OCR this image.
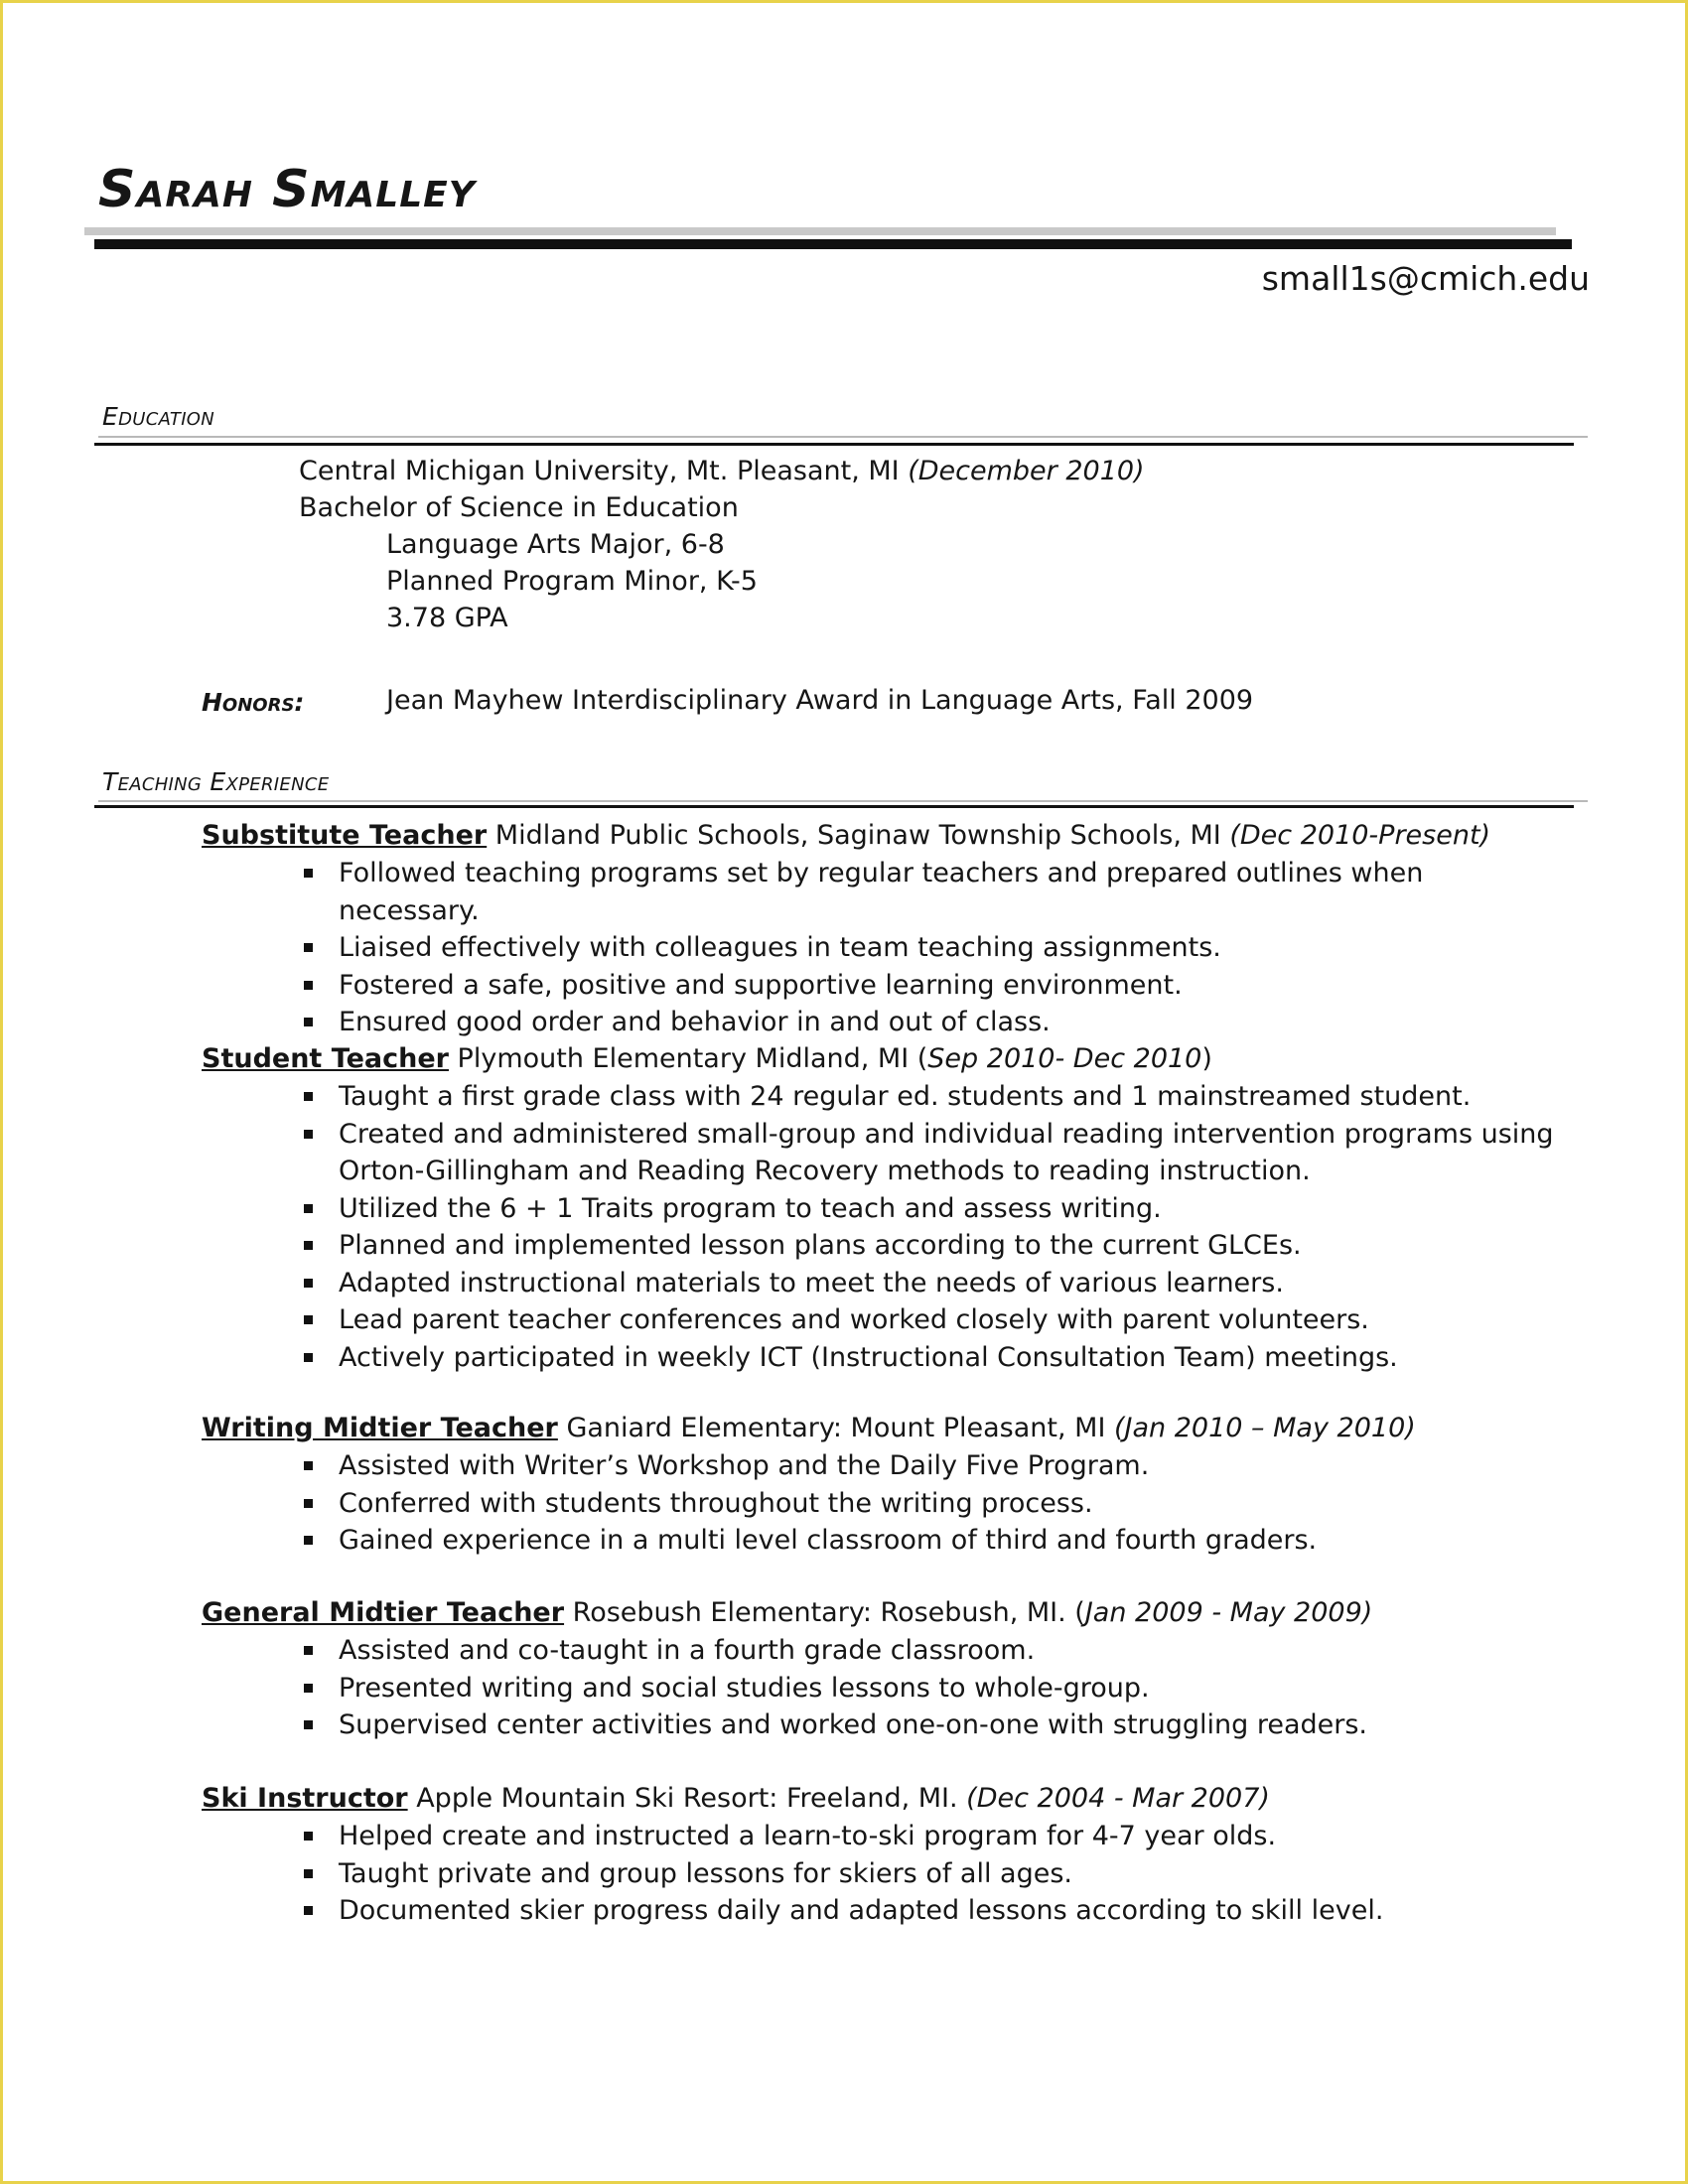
Sarah Smalley
small1s@cmich.edu
Education
Central Michigan University, Mt. Pleasant, MI (December 2010)
Bachelor of Science in Education
Language Arts Major, 6-8
Planned Program Minor, K-5
3.78 GPA
Honors:	Jean Mayhew Interdisciplinary Award in Language Arts, Fall 2009
Teaching Experience
Substitute Teacher Midland Public Schools, Saginaw Township Schools, MI (Dec 2010-Present)
Followed teaching programs set by regular teachers and prepared outlines when necessary.
Liaised effectively with colleagues in team teaching assignments.
Fostered a safe, positive and supportive learning environment.
Ensured good order and behavior in and out of class.
Student Teacher Plymouth Elementary Midland, MI (Sep 2010- Dec 2010)
Taught a first grade class with 24 regular ed. students and 1 mainstreamed student.
Created and administered small-group and individual reading intervention programs using Orton-Gillingham and Reading Recovery methods to reading instruction.
Utilized the 6 + 1 Traits program to teach and assess writing.
Planned and implemented lesson plans according to the current GLCEs.
Adapted instructional materials to meet the needs of various learners.
Lead parent teacher conferences and worked closely with parent volunteers.
Actively participated in weekly ICT (Instructional Consultation Team) meetings.
Writing Midtier Teacher Ganiard Elementary: Mount Pleasant, MI (Jan 2010 – May 2010)
Assisted with Writer’s Workshop and the Daily Five Program.
Conferred with students throughout the writing process.
Gained experience in a multi level classroom of third and fourth graders.
General Midtier Teacher Rosebush Elementary: Rosebush, MI. (Jan 2009 - May 2009)
Assisted and co-taught in a fourth grade classroom.
Presented writing and social studies lessons to whole-group.
Supervised center activities and worked one-on-one with struggling readers.
Ski Instructor Apple Mountain Ski Resort: Freeland, MI. (Dec 2004 - Mar 2007)
Helped create and instructed a learn-to-ski program for 4-7 year olds.
Taught private and group lessons for skiers of all ages.
Documented skier progress daily and adapted lessons according to skill level.
